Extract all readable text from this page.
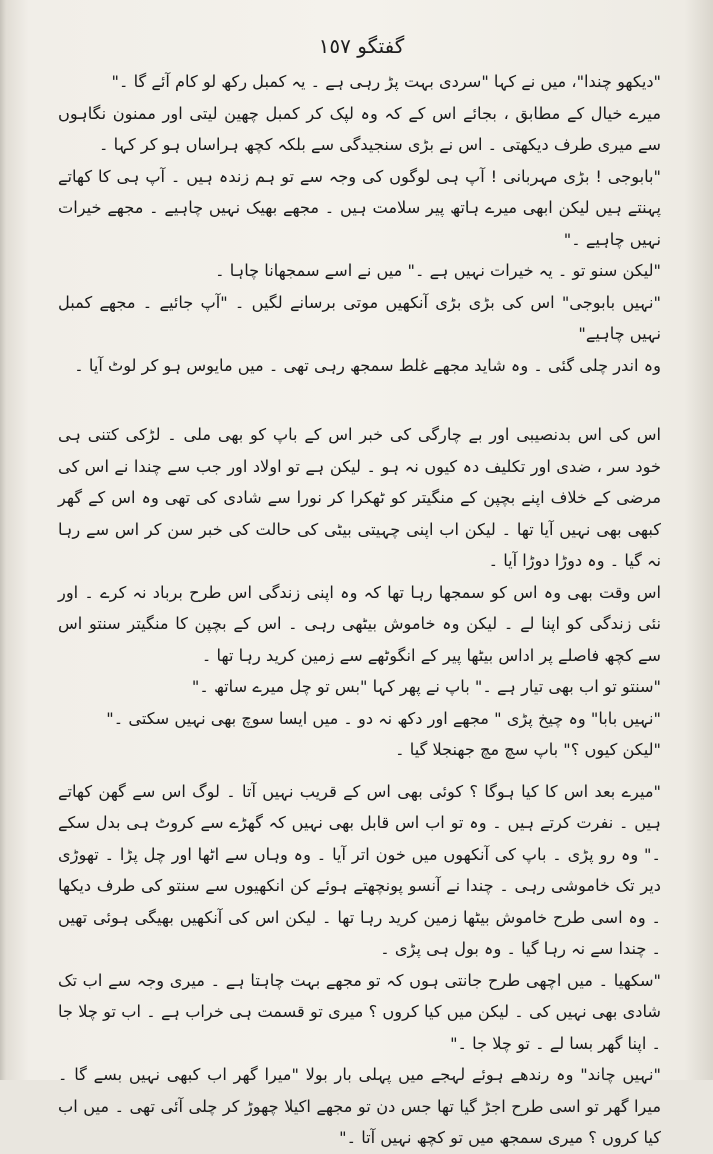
گفتگو ١٥٧

"دیکھو چندا"، میں نے کہا "سردی بہت پڑ رہی ہے ۔ یہ کمبل رکھ لو کام آئے گا ۔"

میرے خیال کے مطابق ، بجائے اس کے کہ وہ لپک کر کمبل چھین لیتی اور ممنون نگاہوں سے میری طرف دیکھتی ۔ اس نے بڑی سنجیدگی سے بلکہ کچھ ہراساں ہو کر کہا ۔

"بابوجی ! بڑی مہربانی ! آپ ہی لوگوں کی وجہ سے تو ہم زندہ ہیں ۔ آپ ہی کا کھاتے پہنتے ہیں لیکن ابھی میرے ہاتھ پیر سلامت ہیں ۔ مجھے بھیک نہیں چاہیے ۔ مجھے خیرات نہیں چاہیے ۔"

"لیکن سنو تو ۔ یہ خیرات نہیں ہے ۔" میں نے اسے سمجھانا چاہا ۔

"نہیں بابوجی" اس کی بڑی بڑی آنکھیں موتی برسانے لگیں ۔ "آپ جائیے ۔ مجھے کمبل نہیں چاہیے"

وہ اندر چلی گئی ۔ وہ شاید مجھے غلط سمجھ رہی تھی ۔ میں مایوس ہو کر لوٹ آیا ۔

اس کی اس بدنصیبی اور بے چارگی کی خبر اس کے باپ کو بھی ملی ۔ لڑکی کتنی ہی خود سر ، ضدی اور تکلیف دہ کیوں نہ ہو ۔ لیکن ہے تو اولاد اور جب سے چندا نے اس کی مرضی کے خلاف اپنے بچپن کے منگیتر کو ٹھکرا کر نورا سے شادی کی تھی وہ اس کے گھر کبھی بھی نہیں آیا تھا ۔ لیکن اب اپنی چہیتی بیٹی کی حالت کی خبر سن کر اس سے رہا نہ گیا ۔ وہ دوڑا دوڑا آیا ۔

اس وقت بھی وہ اس کو سمجھا رہا تھا کہ وہ اپنی زندگی اس طرح برباد نہ کرے ۔ اور نئی زندگی کو اپنا لے ۔ لیکن وہ خاموش بیٹھی رہی ۔ اس کے بچپن کا منگیتر سنتو اس سے کچھ فاصلے پر اداس بیٹھا پیر کے انگوٹھے سے زمین کرید رہا تھا ۔

"سنتو تو اب بھی تیار ہے ۔" باپ نے پھر کہا "بس تو چل میرے ساتھ ۔"

"نہیں بابا" وہ چیخ پڑی " مجھے اور دکھ نہ دو ۔ میں ایسا سوچ بھی نہیں سکتی ۔"

"لیکن کیوں ؟" باپ سچ مچ جھنجلا گیا ۔

"میرے بعد اس کا کیا ہوگا ؟ کوئی بھی اس کے قریب نہیں آتا ۔ لوگ اس سے گھن کھاتے ہیں ۔ نفرت کرتے ہیں ۔ وہ تو اب اس قابل بھی نہیں کہ گھڑے سے کروٹ ہی بدل سکے ۔" وہ رو پڑی ۔ باپ کی آنکھوں میں خون اتر آیا ۔ وہ وہاں سے اٹھا اور چل پڑا ۔ تھوڑی دیر تک خاموشی رہی ۔ چندا نے آنسو پونچھتے ہوئے کن انکھیوں سے سنتو کی طرف دیکھا ۔ وہ اسی طرح خاموش بیٹھا زمین کرید رہا تھا ۔ لیکن اس کی آنکھیں بھیگی ہوئی تھیں ۔ چندا سے نہ رہا گیا ۔ وہ بول ہی پڑی ۔

"سکھیا ۔ میں اچھی طرح جانتی ہوں کہ تو مجھے بہت چاہتا ہے ۔ میری وجہ سے اب تک شادی بھی نہیں کی ۔ لیکن میں کیا کروں ؟ میری تو قسمت ہی خراب ہے ۔ اب تو چلا جا ۔ اپنا گھر بسا لے ۔ تو چلا جا ۔"

"نہیں چاند" وہ رندھے ہوئے لہجے میں پہلی بار بولا "میرا گھر اب کبھی نہیں بسے گا ۔ میرا گھر تو اسی طرح اجڑ گیا تھا جس دن تو مجھے اکیلا چھوڑ کر چلی آئی تھی ۔ میں اب کیا کروں ؟ میری سمجھ میں تو کچھ نہیں آتا ۔"
